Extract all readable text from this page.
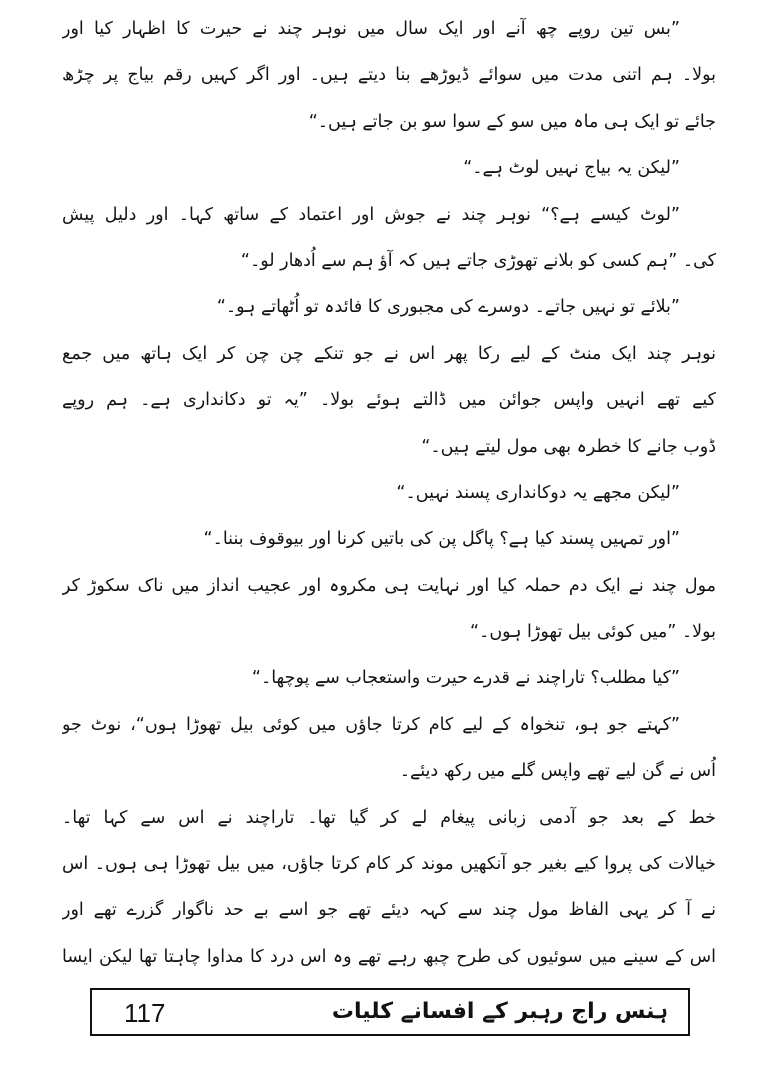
”بس تین روپے چھ آنے اور ایک سال میں نوہر چند نے حیرت کا اظہار کیا اور
بولا۔ ہم اتنی مدت میں سوائے ڈیوڑھے بنا دیتے ہیں۔ اور اگر کہیں رقم بیاج پر چڑھ
جائے تو ایک ہی ماہ میں سو کے سوا سو بن جاتے ہیں۔“
”لیکن یہ بیاج نہیں لوٹ ہے۔“
”لوٹ کیسے ہے؟“ نوہر چند نے جوش اور اعتماد کے ساتھ کہا۔ اور دلیل پیش
کی۔ ”ہم کسی کو بلانے تھوڑی جاتے ہیں کہ آؤ ہم سے اُدھار لو۔“
”بلائے تو نہیں جاتے۔ دوسرے کی مجبوری کا فائدہ تو اُٹھاتے ہو۔“
نوہر چند ایک منٹ کے لیے رکا پھر اس نے جو تنکے چن چن کر ایک ہاتھ میں جمع
کیے تھے انہیں واپس جوائن میں ڈالتے ہوئے بولا۔ ”یہ تو دکانداری ہے۔ ہم روپے
ڈوب جانے کا خطرہ بھی مول لیتے ہیں۔“
”لیکن مجھے یہ دوکانداری پسند نہیں۔“
”اور تمہیں پسند کیا ہے؟ پاگل پن کی باتیں کرنا اور بیوقوف بننا۔“
مول چند نے ایک دم حملہ کیا اور نہایت ہی مکروہ اور عجیب انداز میں ناک سکوڑ کر
بولا۔ ”میں کوئی بیل تھوڑا ہوں۔“
”کیا مطلب؟ تاراچند نے قدرے حیرت واستعجاب سے پوچھا۔“
”کہتے جو ہو، تنخواہ کے لیے کام کرتا جاؤں میں کوئی بیل تھوڑا ہوں“، نوٹ جو
اُس نے گن لیے تھے واپس گلے میں رکھ دیئے۔
خط کے بعد جو آدمی زبانی پیغام لے کر گیا تھا۔ تاراچند نے اس سے کہا تھا۔
خیالات کی پروا کیے بغیر جو آنکھیں موند کر کام کرتا جاؤں، میں بیل تھوڑا ہی ہوں۔ اس
نے آ کر یہی الفاظ مول چند سے کہہ دیئے تھے جو اسے بے حد ناگوار گزرے تھے اور
اس کے سینے میں سوئیوں کی طرح چبھ رہے تھے وہ اس درد کا مداوا چاہتا تھا لیکن ایسا
117	ہنس راج رہبر کے افسانے کلیات
